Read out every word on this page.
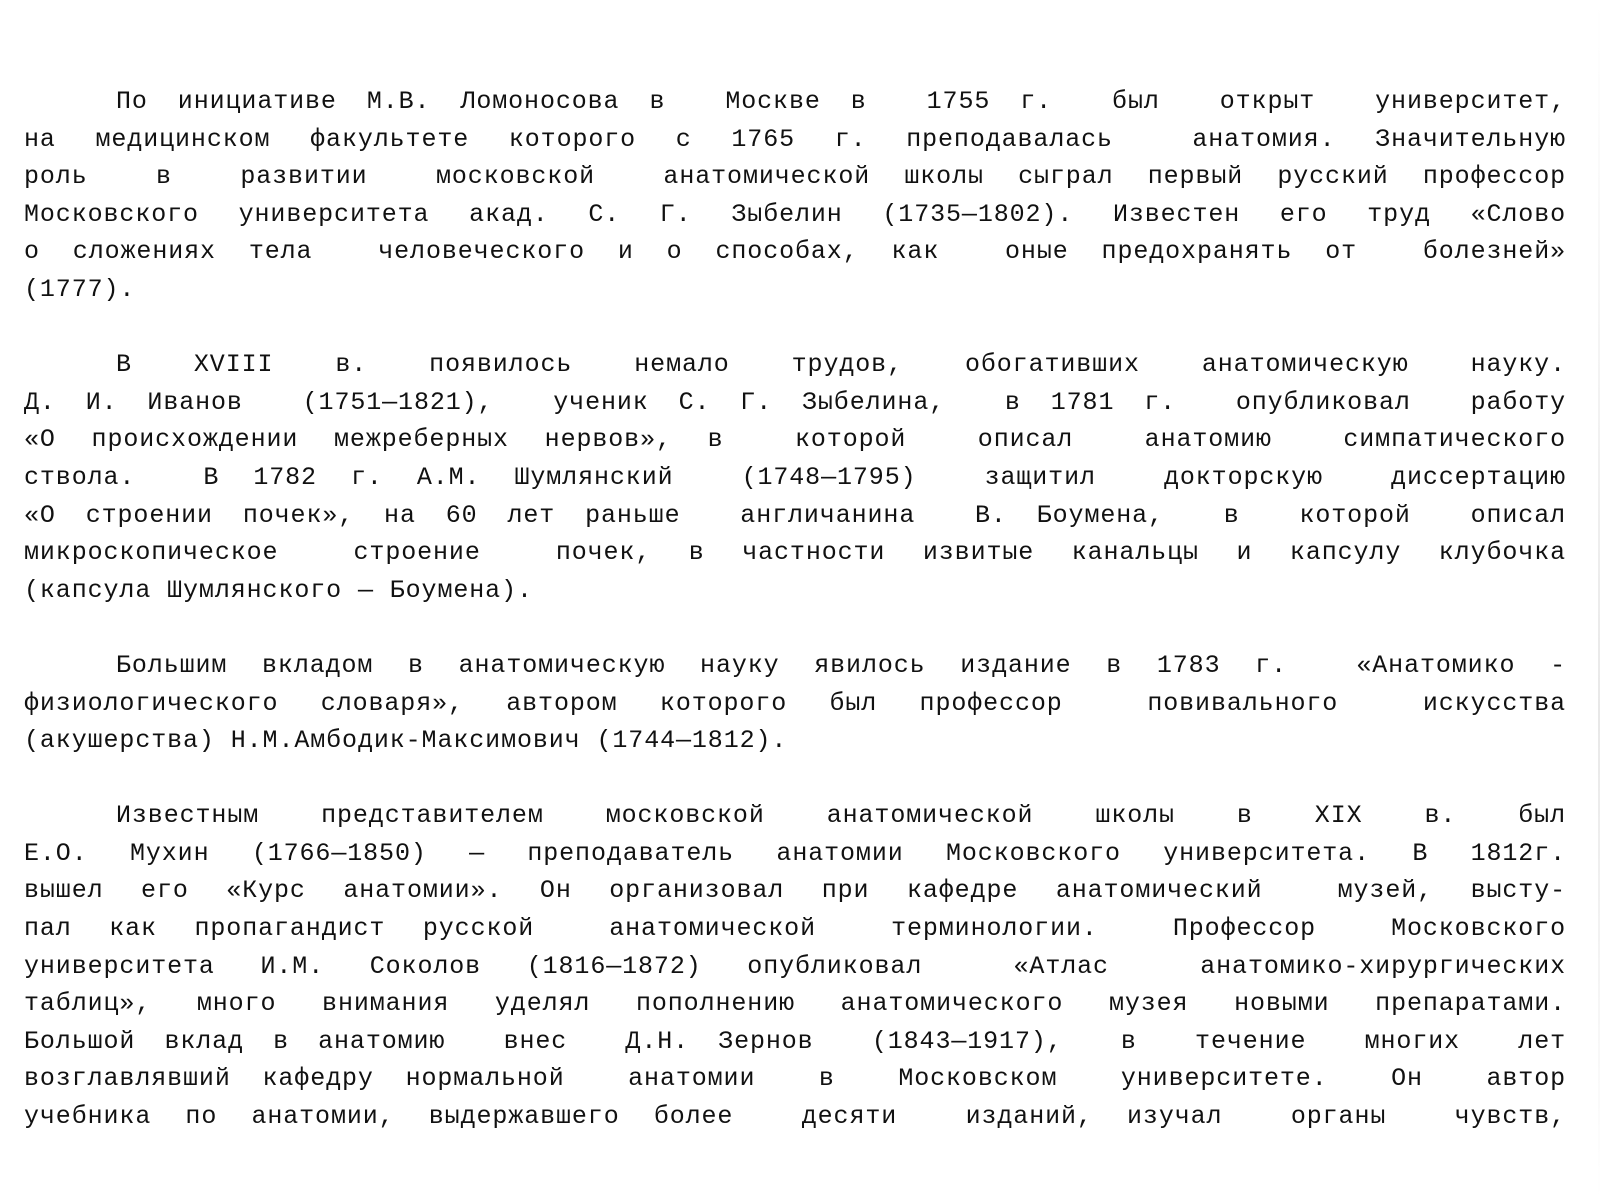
По инициативе М.В. Ломоносова в  Москве в  1755 г.  был  открыт  университет,
на медицинском факультете которого с 1765 г. преподавалась  анатомия. Значительную
роль  в  развитии  московской  анатомической школы сыграл первый русский профессор
Московского университета акад. С. Г. Зыбелин (1735—1802). Известен его труд «Слово
о сложениях тела  человеческого и о способах, как  оные предохранять от  болезней»
(1777).

В  XVIII  в.  появилось  немало  трудов,  обогативших  анатомическую  науку.
Д. И. Иванов  (1751—1821),  ученик С. Г. Зыбелина,  в 1781 г.  опубликовал  работу
«О происхождении межреберных нервов», в  которой  описал  анатомию  симпатического
ствола.  В 1782 г. А.М. Шумлянский  (1748—1795)  защитил  докторскую  диссертацию
«О строении почек», на 60 лет раньше  англичанина  В. Боумена,  в  которой  описал
микроскопическое  строение  почек, в частности извитые канальцы и капсулу клубочка
(капсула Шумлянского — Боумена).

Большим вкладом в анатомическую науку явилось издание в 1783 г.  «Анатомико -
физиологического словаря», автором которого был профессор  повивального  искусства
(акушерства) Н.М.Амбодик-Максимович (1744—1812).

Известным  представителем  московской  анатомической  школы  в  XIX  в.  был
Е.О. Мухин (1766—1850) — преподаватель анатомии Московского университета. В 1812г.
вышел его «Курс анатомии». Он организовал при кафедре анатомический  музей, высту-
пал как пропагандист русской  анатомической  терминологии.  Профессор  Московского
университета И.М. Соколов (1816—1872) опубликовал  «Атлас  анатомико-хирургических
таблиц», много внимания уделял пополнению анатомического музея новыми препаратами.
Большой вклад в анатомию  внес  Д.Н. Зернов  (1843—1917),  в  течение  многих  лет
возглавлявший кафедру нормальной  анатомии  в  Московском  университете.  Он  автор
учебника по анатомии, выдержавшего более  десяти  изданий, изучал  органы  чувств,
